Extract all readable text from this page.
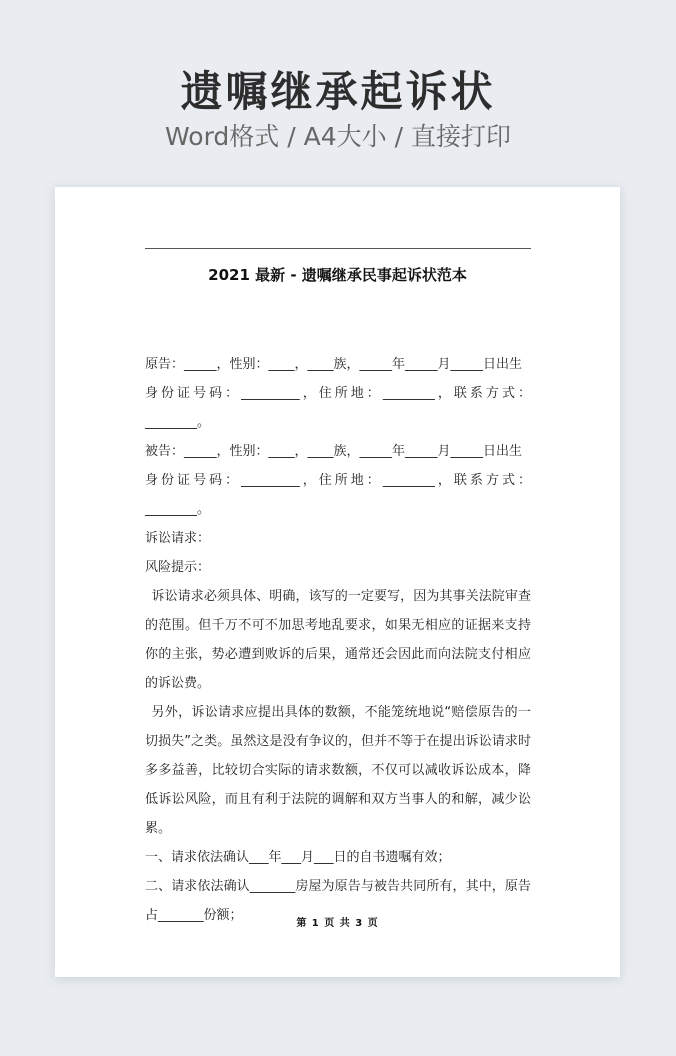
遗嘱继承起诉状
Word格式 / A4大小 / 直接打印
2021 最新 - 遗嘱继承民事起诉状范本

原告：_____，性别：____，____族，_____年_____月_____日出生

身份证号码：_________，住所地：________，联系方式：________。

被告：_____，性别：____，____族，_____年_____月_____日出生

身份证号码：_________，住所地：________，联系方式：________。

诉讼请求：

风险提示：

诉讼请求必须具体、明确，该写的一定要写，因为其事关法院审查的范围。但千万不可不加思考地乱要求，如果无相应的证据来支持你的主张，势必遭到败诉的后果，通常还会因此而向法院支付相应的诉讼费。

另外，诉讼请求应提出具体的数额，不能笼统地说“赔偿原告的一切损失”之类。虽然这是没有争议的，但并不等于在提出诉讼请求时多多益善，比较切合实际的请求数额，不仅可以减收诉讼成本，降低诉讼风险，而且有利于法院的调解和双方当事人的和解，减少讼累。

一、请求依法确认___年___月___日的自书遗嘱有效；

二、请求依法确认_______房屋为原告与被告共同所有，其中，原告占_______份额；

第 1 页 共 3 页
